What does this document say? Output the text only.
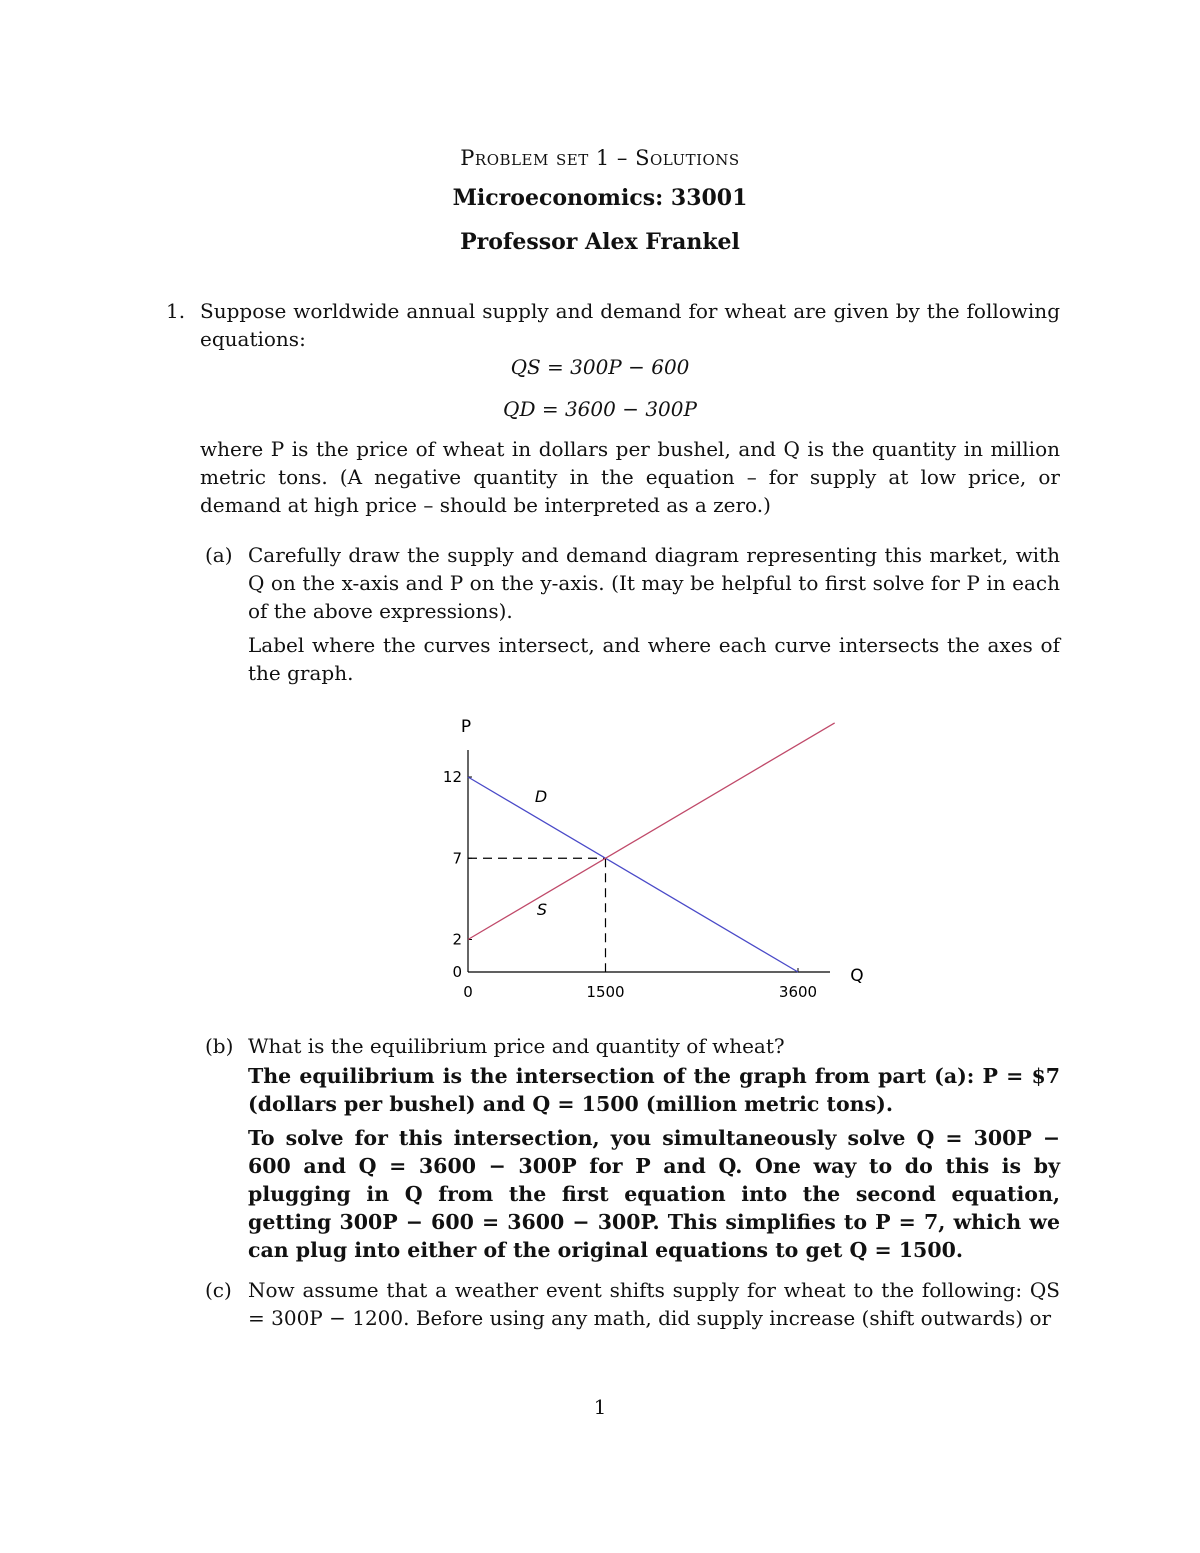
Problem set 1 – Solutions
Microeconomics: 33001
Professor Alex Frankel
1. Suppose worldwide annual supply and demand for wheat are given by the following equations:
QS = 300P − 600
QD = 3600 − 300P
where P is the price of wheat in dollars per bushel, and Q is the quantity in million metric tons. (A negative quantity in the equation – for supply at low price, or demand at high price – should be interpreted as a zero.)
(a) Carefully draw the supply and demand diagram representing this market, with Q on the x-axis and P on the y-axis. (It may be helpful to first solve for P in each of the above expressions).
Label where the curves intersect, and where each curve intersects the axes of the graph.
0
2
7
12
0	1500	3600
P
Q
D
S
(b) What is the equilibrium price and quantity of wheat?
The equilibrium is the intersection of the graph from part (a): P = $7 (dollars per bushel) and Q = 1500 (million metric tons).
To solve for this intersection, you simultaneously solve Q = 300P − 600 and Q = 3600 − 300P for P and Q. One way to do this is by plugging in Q from the first equation into the second equation, getting 300P − 600 = 3600 − 300P. This simplifies to P = 7, which we can plug into either of the original equations to get Q = 1500.
(c) Now assume that a weather event shifts supply for wheat to the following: QS = 300P − 1200. Before using any math, did supply increase (shift outwards) or
1
